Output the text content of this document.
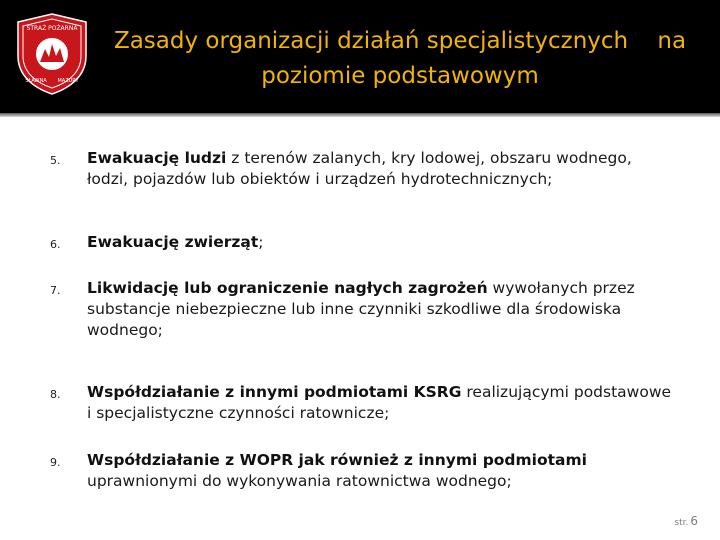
STRAŻ POŻARNA
SŁAWNA MAZURY
Zasady organizacji działań specjalistycznych    na
poziomie podstawowym
5. Ewakuację ludzi z terenów zalanych, kry lodowej, obszaru wodnego, łodzi, pojazdów lub obiektów i urządzeń hydrotechnicznych;
6. Ewakuację zwierząt;
7. Likwidację lub ograniczenie nagłych zagrożeń wywołanych przez substancje niebezpieczne lub inne czynniki szkodliwe dla środowiska wodnego;
8. Współdziałanie z innymi podmiotami KSRG realizującymi podstawowe i specjalistyczne czynności ratownicze;
9. Współdziałanie z WOPR jak również z innymi podmiotami uprawnionymi do wykonywania ratownictwa wodnego;
str. 6
